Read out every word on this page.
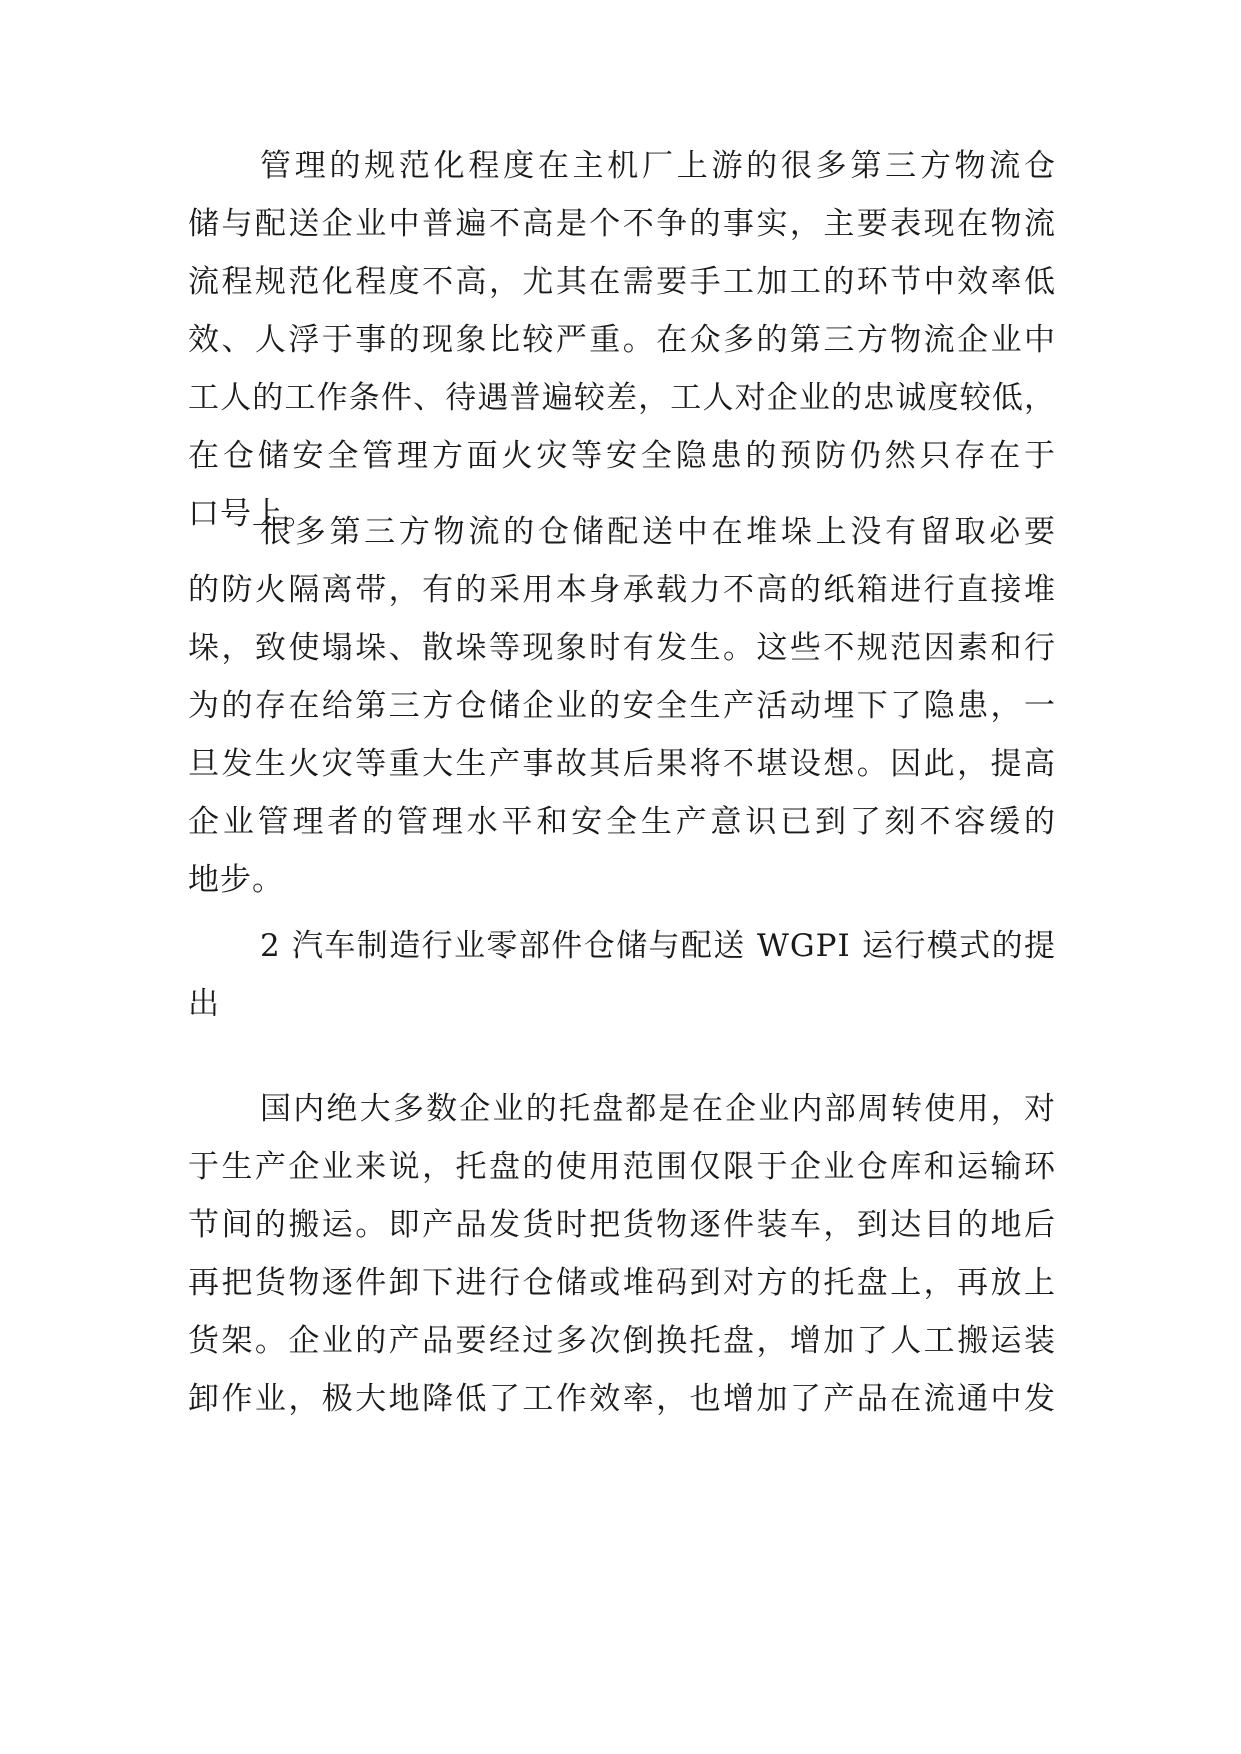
管理的规范化程度在主机厂上游的很多第三方物流仓
储与配送企业中普遍不高是个不争的事实，主要表现在物流
流程规范化程度不高，尤其在需要手工加工的环节中效率低
效、人浮于事的现象比较严重。在众多的第三方物流企业中
工人的工作条件、待遇普遍较差，工人对企业的忠诚度较低，
在仓储安全管理方面火灾等安全隐患的预防仍然只存在于
口号上。
很多第三方物流的仓储配送中在堆垛上没有留取必要
的防火隔离带，有的采用本身承载力不高的纸箱进行直接堆
垛，致使塌垛、散垛等现象时有发生。这些不规范因素和行
为的存在给第三方仓储企业的安全生产活动埋下了隐患，一
旦发生火灾等重大生产事故其后果将不堪设想。因此，提高
企业管理者的管理水平和安全生产意识已到了刻不容缓的
地步。
2 汽车制造行业零部件仓储与配送 WGPI 运行模式的提
出
国内绝大多数企业的托盘都是在企业内部周转使用，对
于生产企业来说，托盘的使用范围仅限于企业仓库和运输环
节间的搬运。即产品发货时把货物逐件装车，到达目的地后
再把货物逐件卸下进行仓储或堆码到对方的托盘上，再放上
货架。企业的产品要经过多次倒换托盘，增加了人工搬运装
卸作业，极大地降低了工作效率，也增加了产品在流通中发
